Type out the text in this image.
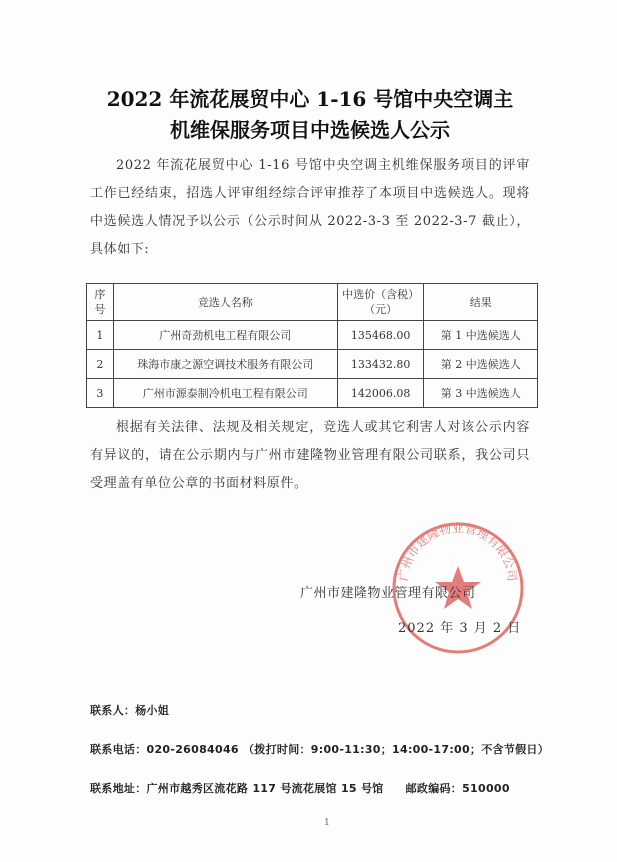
2022 年流花展贸中心 1-16 号馆中央空调主
机维保服务项目中选候选人公示
2022 年流花展贸中心 1-16 号馆中央空调主机维保服务项目的评审工作已经结束，招选人评审组经综合评审推荐了本项目中选候选人。现将中选候选人情况予以公示（公示时间从 2022-3-3 至 2022-3-7 截止），具体如下:
序号	竞选人名称	中选价（含税）（元）	结果
1	广州奇劲机电工程有限公司	135468.00	第 1 中选候选人
2	珠海市康之源空调技术服务有限公司	133432.80	第 2 中选候选人
3	广州市源泰制冷机电工程有限公司	142006.08	第 3 中选候选人
根据有关法律、法规及相关规定，竞选人或其它利害人对该公示内容有异议的，请在公示期内与广州市建隆物业管理有限公司联系，我公司只受理盖有单位公章的书面材料原件。
广州市建隆物业管理有限公司
广州市建隆物业管理有限公司
2022 年 3 月 2 日
联系人：杨小姐
联系电话：020-26084046 （拨打时间：9:00-11:30；14:00-17:00；不含节假日）
联系地址：广州市越秀区流花路 117 号流花展馆 15 号馆 邮政编码：510000
1
